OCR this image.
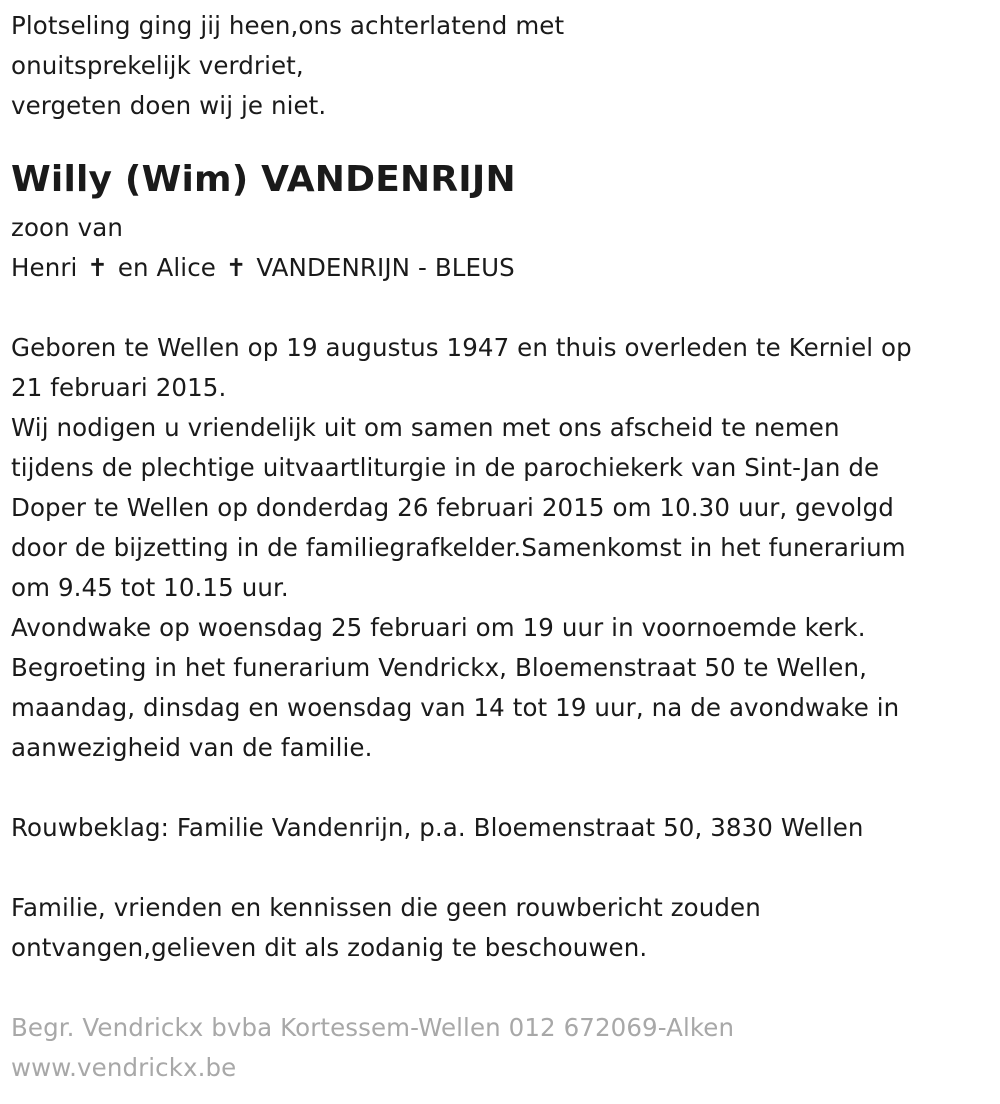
Plotseling ging jij heen,ons achterlatend met
onuitsprekelijk verdriet,
vergeten doen wij je niet.
Willy (Wim) VANDENRIJN
zoon van
Henri ✝ en Alice ✝ VANDENRIJN - BLEUS
Geboren te Wellen op 19 augustus 1947 en thuis overleden te Kerniel op
21 februari 2015.
Wij nodigen u vriendelijk uit om samen met ons afscheid te nemen
tijdens de plechtige uitvaartliturgie in de parochiekerk van Sint-Jan de
Doper te Wellen op donderdag 26 februari 2015 om 10.30 uur, gevolgd
door de bijzetting in de familiegrafkelder.Samenkomst in het funerarium
om 9.45 tot 10.15 uur.
Avondwake op woensdag 25 februari om 19 uur in voornoemde kerk.
Begroeting in het funerarium Vendrickx, Bloemenstraat 50 te Wellen,
maandag, dinsdag en woensdag van 14 tot 19 uur, na de avondwake in
aanwezigheid van de familie.
Rouwbeklag: Familie Vandenrijn, p.a. Bloemenstraat 50, 3830 Wellen
Familie, vrienden en kennissen die geen rouwbericht zouden
ontvangen,gelieven dit als zodanig te beschouwen.
Begr. Vendrickx bvba Kortessem-Wellen 012 672069-Alken
www.vendrickx.be
